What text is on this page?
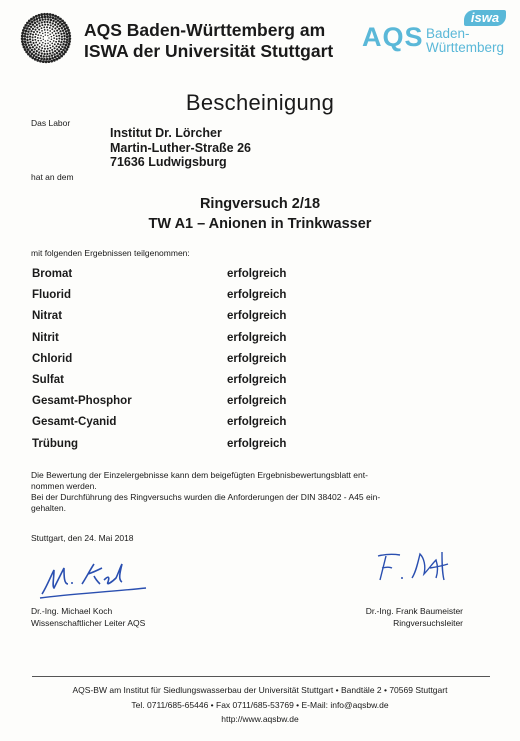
AQS Baden-Württemberg am
ISWA der Universität Stuttgart AQS Baden-
Württemberg
iswa
Bescheinigung
Das Labor
Institut Dr. Lörcher
Martin-Luther-Straße 26
71636 Ludwigsburg
hat an dem
Ringversuch 2/18
TW A1 – Anionen in Trinkwasser
mit folgenden Ergebnissen teilgenommen:
Bromat	erfolgreich
Fluorid	erfolgreich
Nitrat	erfolgreich
Nitrit	erfolgreich
Chlorid	erfolgreich
Sulfat	erfolgreich
Gesamt-Phosphor	erfolgreich
Gesamt-Cyanid	erfolgreich
Trübung	erfolgreich
Die Bewertung der Einzelergebnisse kann dem beigefügten Ergebnisbewertungsblatt ent-
nommen werden.
Bei der Durchführung des Ringversuchs wurden die Anforderungen der DIN 38402 - A45 ein-
gehalten.
Stuttgart, den 24. Mai 2018
Dr.-Ing. Michael Koch
Wissenschaftlicher Leiter AQS
Dr.-Ing. Frank Baumeister
Ringversuchsleiter
AQS-BW am Institut für Siedlungswasserbau der Universität Stuttgart • Bandtäle 2 • 70569 Stuttgart
Tel. 0711/685-65446 • Fax 0711/685-53769 • E-Mail: info@aqsbw.de
http://www.aqsbw.de
